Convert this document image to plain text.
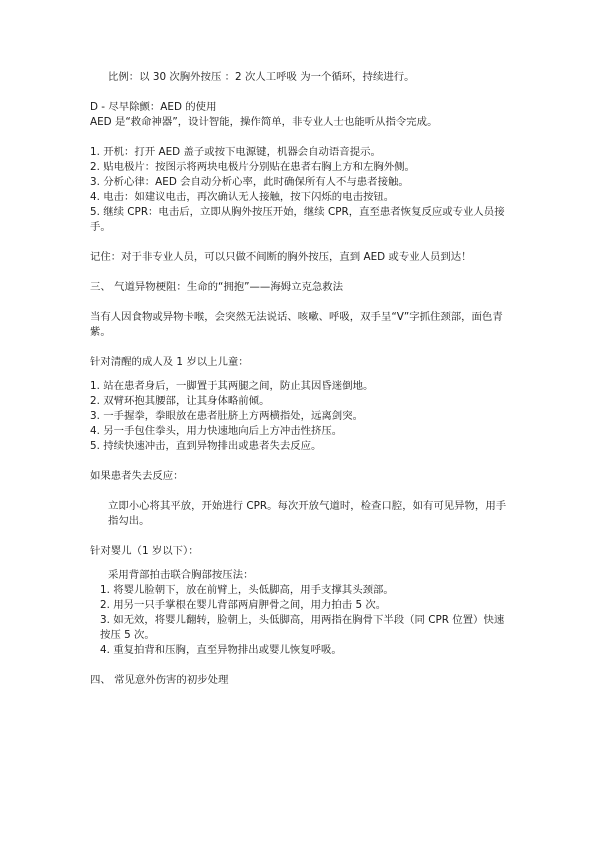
比例：以 30 次胸外按压 ：2 次人工呼吸 为一个循环，持续进行。

D - 尽早除颤：AED 的使用

AED 是“救命神器”，设计智能，操作简单，非专业人士也能听从指令完成。

1. 开机：打开 AED 盖子或按下电源键，机器会自动语音提示。

2. 贴电极片：按图示将两块电极片分别贴在患者右胸上方和左胸外侧。

3. 分析心律：AED 会自动分析心率，此时确保所有人不与患者接触。

4. 电击：如建议电击，再次确认无人接触，按下闪烁的电击按钮。

5. 继续 CPR：电击后，立即从胸外按压开始，继续 CPR，直至患者恢复反应或专业人员接手。

记住：对于非专业人员，可以只做不间断的胸外按压，直到 AED 或专业人员到达！

三、 气道异物梗阻：生命的“拥抱”——海姆立克急救法

当有人因食物或异物卡喉，会突然无法说话、咳嗽、呼吸，双手呈“V”字抓住颈部，面色青紫。

针对清醒的成人及 1 岁以上儿童：

1. 站在患者身后，一脚置于其两腿之间，防止其因昏迷倒地。

2. 双臂环抱其腰部，让其身体略前倾。

3. 一手握拳，拳眼放在患者肚脐上方两横指处，远离剑突。

4. 另一手包住拳头，用力快速地向后上方冲击性挤压。

5. 持续快速冲击，直到异物排出或患者失去反应。

如果患者失去反应：

立即小心将其平放，开始进行 CPR。每次开放气道时，检查口腔，如有可见异物，用手指勾出。

针对婴儿（1 岁以下）：

采用背部拍击联合胸部按压法：

1. 将婴儿脸朝下，放在前臂上，头低脚高，用手支撑其头颈部。

2. 用另一只手掌根在婴儿背部两肩胛骨之间，用力拍击 5 次。

3. 如无效，将婴儿翻转，脸朝上，头低脚高，用两指在胸骨下半段（同 CPR 位置）快速按压 5 次。

4. 重复拍背和压胸，直至异物排出或婴儿恢复呼吸。

四、 常见意外伤害的初步处理
